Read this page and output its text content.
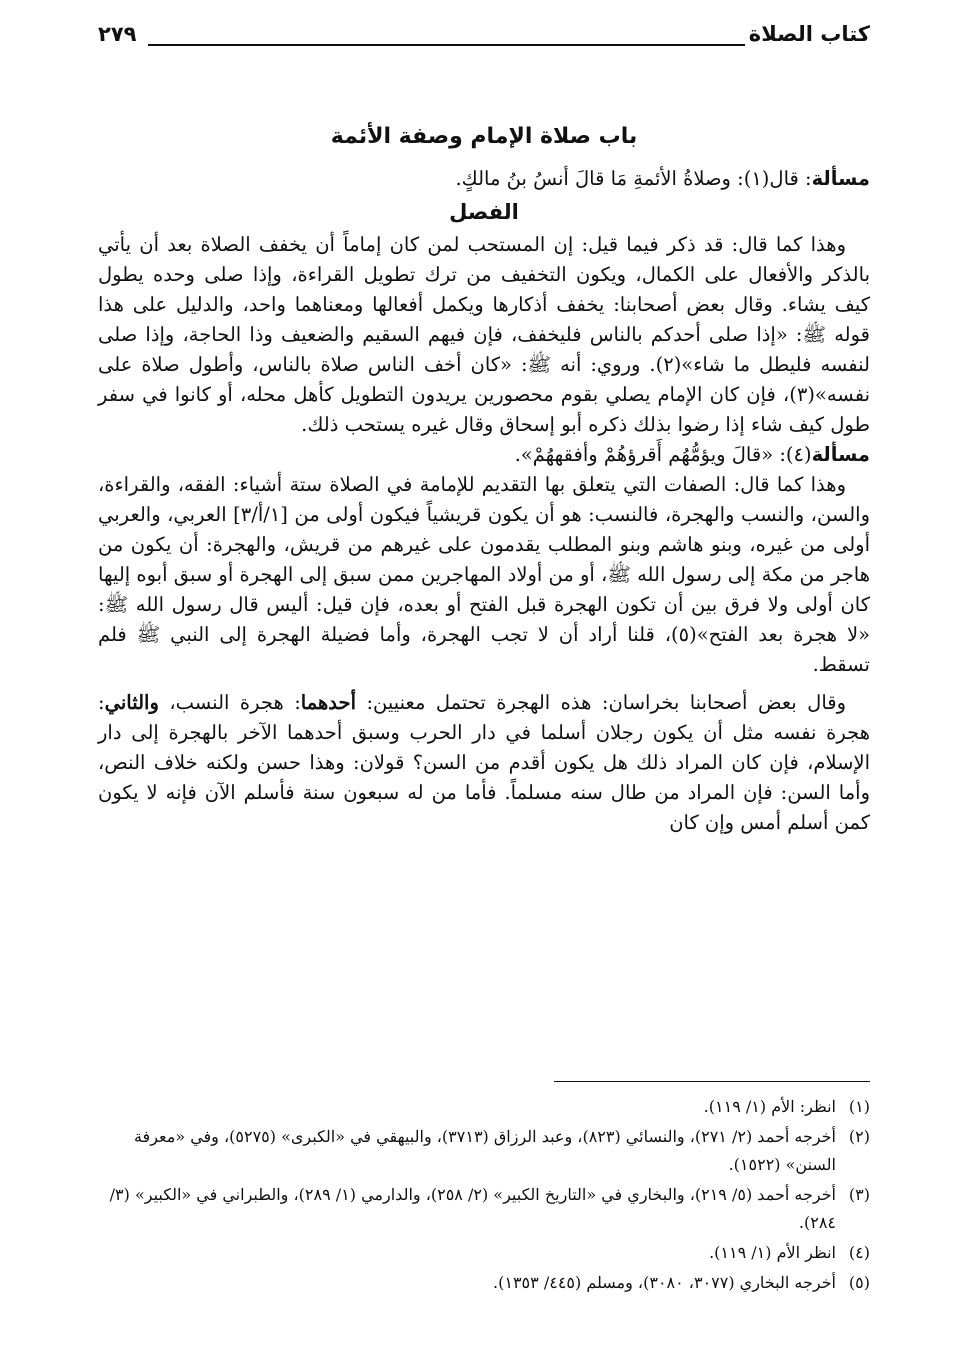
كتاب الصلاة
٢٧٩
باب صلاة الإمام وصفة الأئمة

مسألة: قال(١): وصلاةُ الأئمةِ مَا قالَ أنسُ بنُ مالكٍ.

الفصل

وهذا كما قال: قد ذكر فيما قيل: إن المستحب لمن كان إماماً أن يخفف الصلاة بعد أن يأتي بالذكر والأفعال على الكمال، ويكون التخفيف من ترك تطويل القراءة، وإذا صلى وحده يطول كيف يشاء. وقال بعض أصحابنا: يخفف أذكارها ويكمل أفعالها ومعناهما واحد، والدليل على هذا قوله ﷺ: «إذا صلى أحدكم بالناس فليخفف، فإن فيهم السقيم والضعيف وذا الحاجة، وإذا صلى لنفسه فليطل ما شاء»(٢). وروي: أنه ﷺ: «كان أخف الناس صلاة بالناس، وأطول صلاة على نفسه»(٣)، فإن كان الإمام يصلي بقوم محصورين يريدون التطويل كأهل محله، أو كانوا في سفر طول كيف شاء إذا رضوا بذلك ذكره أبو إسحاق وقال غيره يستحب ذلك.

مسألة(٤): «قالَ ويؤمُّهُم أَقرؤهُمْ وأفقههُمْ».

وهذا كما قال: الصفات التي يتعلق بها التقديم للإمامة في الصلاة ستة أشياء: الفقه، والقراءة، والسن، والنسب والهجرة، فالنسب: هو أن يكون قريشياً فيكون أولى من [١/أ/٣] العربي، والعربي أولى من غيره، وبنو هاشم وبنو المطلب يقدمون على غيرهم من قريش، والهجرة: أن يكون من هاجر من مكة إلى رسول الله ﷺ، أو من أولاد المهاجرين ممن سبق إلى الهجرة أو سبق أبوه إليها كان أولى ولا فرق بين أن تكون الهجرة قبل الفتح أو بعده، فإن قيل: أليس قال رسول الله ﷺ: «لا هجرة بعد الفتح»(٥)، قلنا أراد أن لا تجب الهجرة، وأما فضيلة الهجرة إلى النبي ﷺ فلم تسقط.

وقال بعض أصحابنا بخراسان: هذه الهجرة تحتمل معنيين: أحدهما: هجرة النسب، والثاني: هجرة نفسه مثل أن يكون رجلان أسلما في دار الحرب وسبق أحدهما الآخر بالهجرة إلى دار الإسلام، فإن كان المراد ذلك هل يكون أقدم من السن؟ قولان: وهذا حسن ولكنه خلاف النص، وأما السن: فإن المراد من طال سنه مسلماً. فأما من له سبعون سنة فأسلم الآن فإنه لا يكون كمن أسلم أمس وإن كان

(١)
انظر: الأم (١/ ١١٩).
(٢)
أخرجه أحمد (٢/ ٢٧١)، والنسائي (٨٢٣)، وعبد الرزاق (٣٧١٣)، والبيهقي في «الكبرى» (٥٢٧٥)، وفي «معرفة السنن» (١٥٢٢).
(٣)
أخرجه أحمد (٥/ ٢١٩)، والبخاري في «التاريخ الكبير» (٢/ ٢٥٨)، والدارمي (١/ ٢٨٩)، والطبراني في «الكبير» (٣/ ٢٨٤).
(٤)
انظر الأم (١/ ١١٩).
(٥)
أخرجه البخاري (٣٠٧٧، ٣٠٨٠)، ومسلم (٤٤٥/ ١٣٥٣).
